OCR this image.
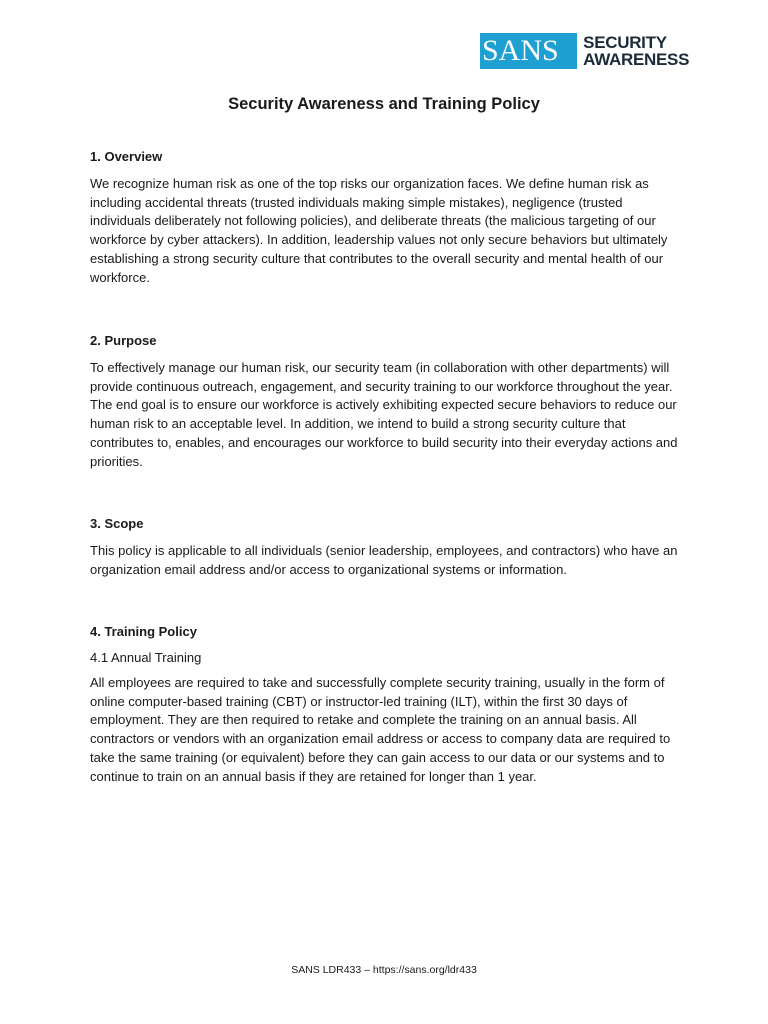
SANS	SECURITY
AWARENESS
Security Awareness and Training Policy
1. Overview

We recognize human risk as one of the top risks our organization faces. We define human risk as including accidental threats (trusted individuals making simple mistakes), negligence (trusted individuals deliberately not following policies), and deliberate threats (the malicious targeting of our workforce by cyber attackers). In addition, leadership values not only secure behaviors but ultimately establishing a strong security culture that contributes to the overall security and mental health of our workforce.

2. Purpose

To effectively manage our human risk, our security team (in collaboration with other departments) will provide continuous outreach, engagement, and security training to our workforce throughout the year. The end goal is to ensure our workforce is actively exhibiting expected secure behaviors to reduce our human risk to an acceptable level. In addition, we intend to build a strong security culture that contributes to, enables, and encourages our workforce to build security into their everyday actions and priorities.

3. Scope

This policy is applicable to all individuals (senior leadership, employees, and contractors) who have an organization email address and/or access to organizational systems or information.

4. Training Policy
4.1 Annual Training

All employees are required to take and successfully complete security training, usually in the form of online computer-based training (CBT) or instructor-led training (ILT), within the first 30 days of employment. They are then required to retake and complete the training on an annual basis. All contractors or vendors with an organization email address or access to company data are required to take the same training (or equivalent) before they can gain access to our data or our systems and to continue to train on an annual basis if they are retained for longer than 1 year.

SANS LDR433 – https://sans.org/ldr433
